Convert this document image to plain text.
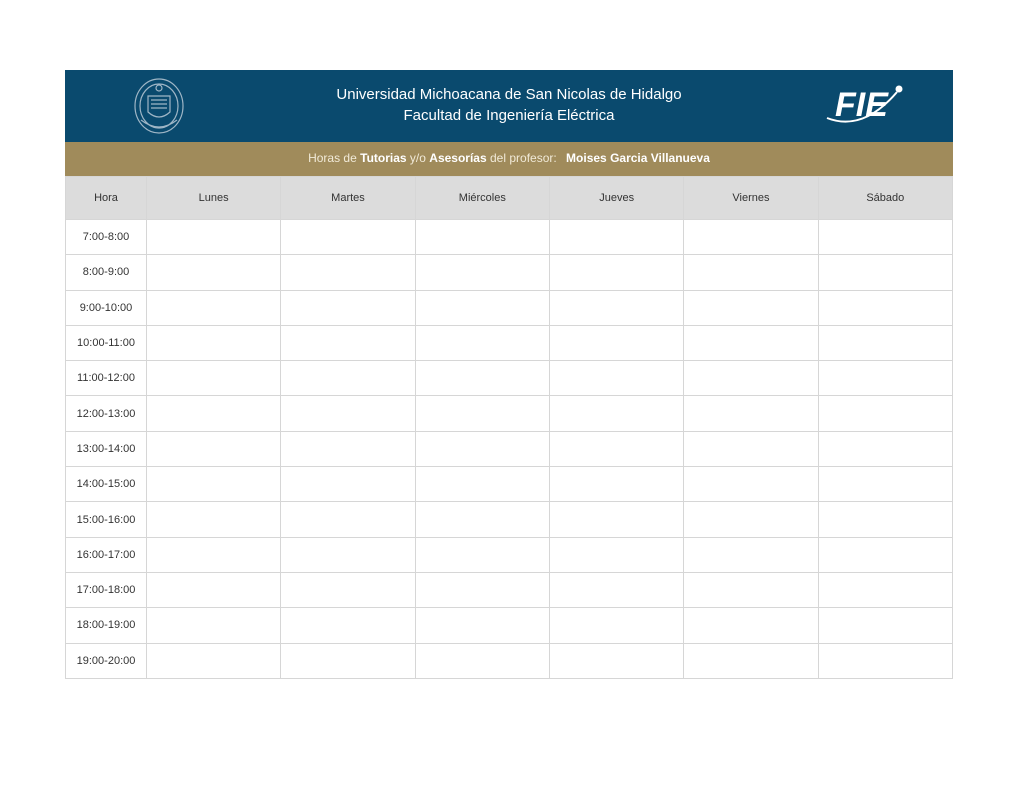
Universidad Michoacana de San Nicolas de Hidalgo
Facultad de Ingeniería Eléctrica	FIE
Horas de Tutorias y/o Asesorías del profesor: Moises Garcia Villanueva
Hora	Lunes	Martes	Miércoles	Jueves	Viernes	Sábado
7:00-8:00						
8:00-9:00						
9:00-10:00						
10:00-11:00						
11:00-12:00						
12:00-13:00						
13:00-14:00						
14:00-15:00						
15:00-16:00						
16:00-17:00						
17:00-18:00						
18:00-19:00						
19:00-20:00						
